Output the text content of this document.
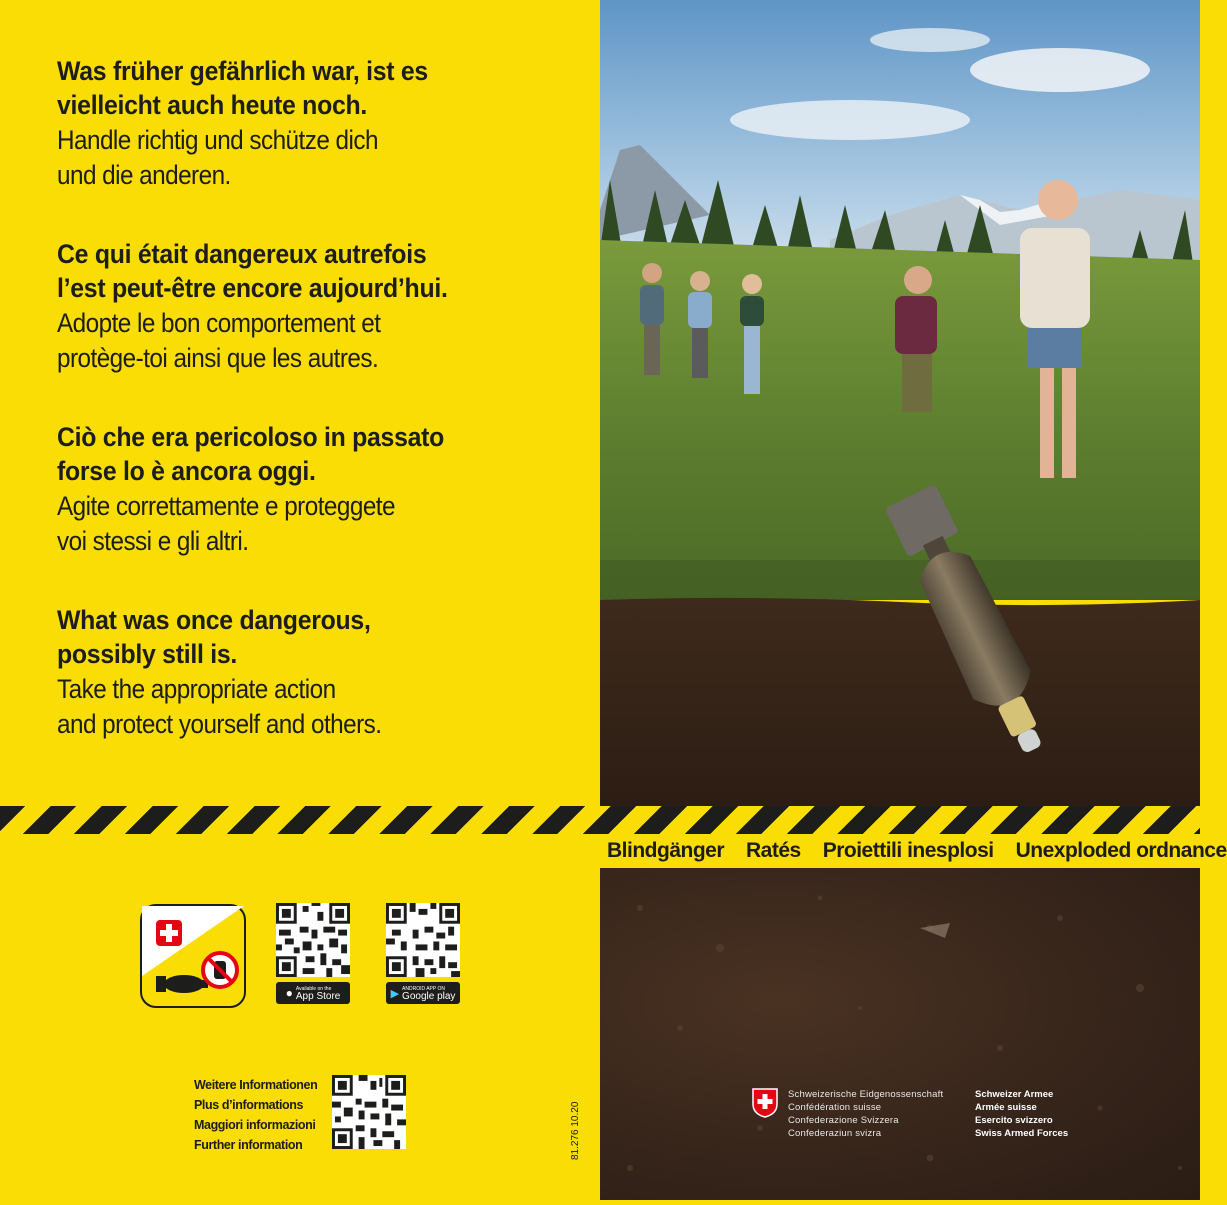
Was früher gefährlich war, ist es
vielleicht auch heute noch.

Handle richtig und schütze dich

und die anderen.

Ce qui était dangereux autrefois
l’est peut-être encore aujourd’hui.

Adopte le bon comportement et

protège-toi ainsi que les autres.

Ciò che era pericoloso in passato
forse lo è ancora oggi.

Agite correttamente e proteggete

voi stessi e gli altri.

What was once dangerous,
possibly still is.

Take the appropriate action

and protect yourself and others.

Blindgänger Ratés Proiettili inesplosi Unexploded ordnance
● Available on the
App Store	▶ ANDROID APP ON
Google play
Weitere Informationen
Plus d’informations
Maggiori informazioni
Further information	81.276 10.20
Schweizerische Eidgenossenschaft
Confédération suisse
Confederazione Svizzera
Confederaziun svizra
Schweizer Armee
Armée suisse
Esercito svizzero
Swiss Armed Forces
